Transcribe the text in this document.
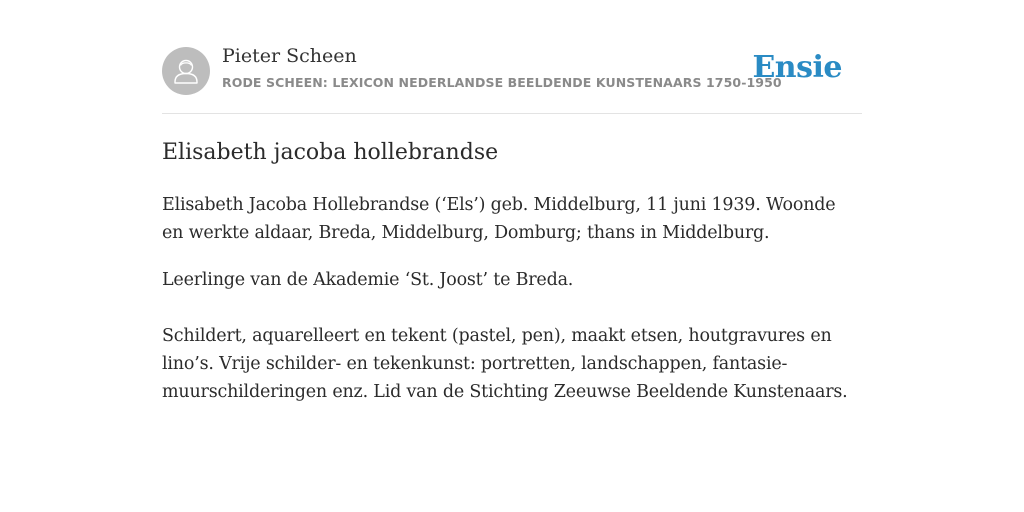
Pieter Scheen
RODE SCHEEN: LEXICON NEDERLANDSE BEELDENDE KUNSTENAARS 1750-1950
Ensie
Elisabeth jacoba hollebrandse

Elisabeth Jacoba Hollebrandse (‘Els’) geb. Middelburg, 11 juni 1939. Woonde en werkte aldaar, Breda, Middelburg, Domburg; thans in Middelburg.

Leerlinge van de Akademie ‘St. Joost’ te Breda.

Schildert, aquarelleert en tekent (pastel, pen), maakt etsen, houtgravures en lino’s. Vrije schilder- en tekenkunst: portretten, landschappen, fantasie-muurschilderingen enz. Lid van de Stichting Zeeuwse Beeldende Kunstenaars.
